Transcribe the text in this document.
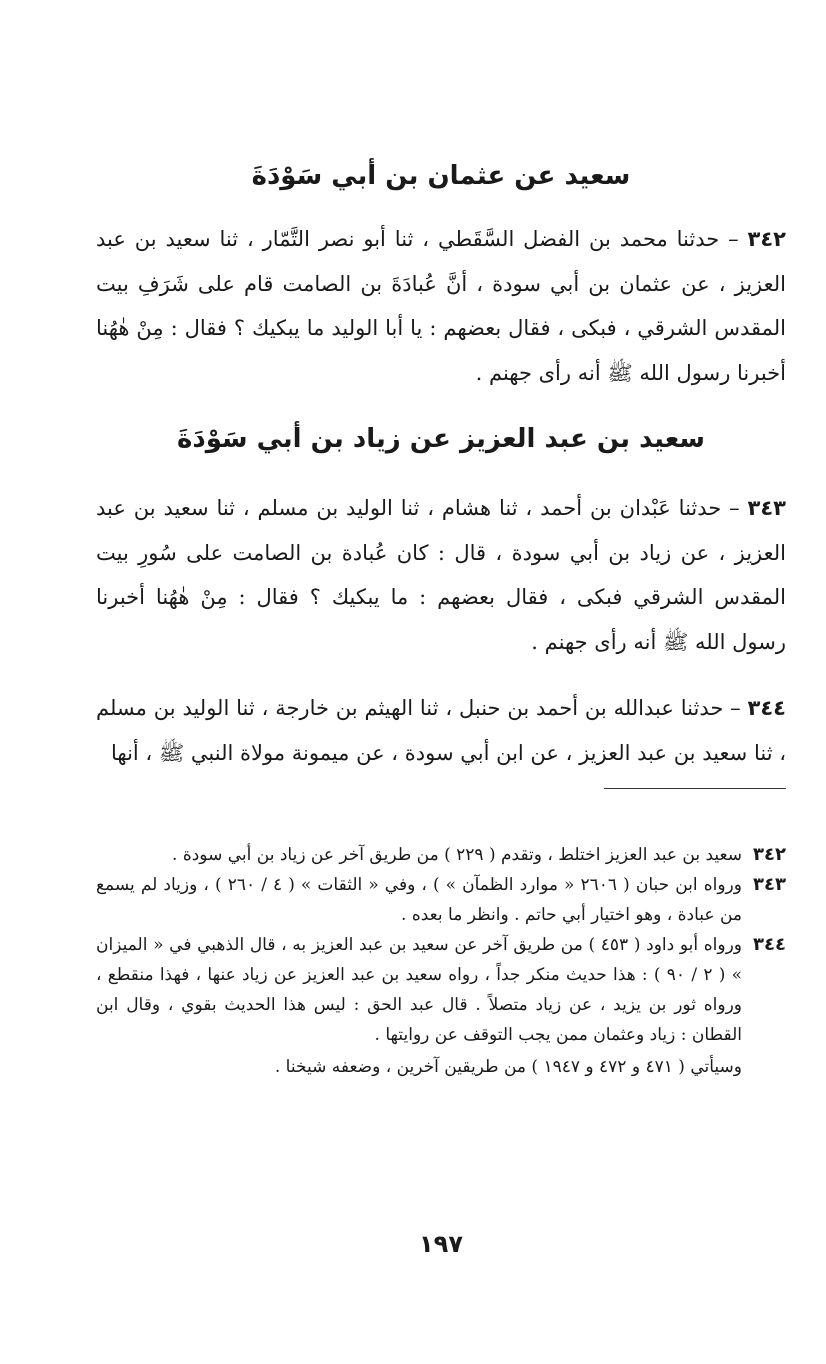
سعيد عن عثمان بن أبي سَوْدَةَ
٣٤٢ – حدثنا محمد بن الفضل السَّقَطي ، ثنا أبو نصر التَّمّار ، ثنا سعيد بن عبد العزيز ، عن عثمان بن أبي سودة ، أنَّ عُبادَةَ بن الصامت قام على شَرَفِ بيت المقدس الشرقي ، فبكى ، فقال بعضهم : يا أبا الوليد ما يبكيك ؟ فقال : مِنْ هٰهُنا أخبرنا رسول الله ﷺ أنه رأى جهنم .
سعيد بن عبد العزيز عن زياد بن أبي سَوْدَةَ
٣٤٣ – حدثنا عَبْدان بن أحمد ، ثنا هشام ، ثنا الوليد بن مسلم ، ثنا سعيد بن عبد العزيز ، عن زياد بن أبي سودة ، قال : كان عُبادة بن الصامت على سُورِ بيت المقدس الشرقي فبكى ، فقال بعضهم : ما يبكيك ؟ فقال : مِنْ هٰهُنا أخبرنا رسول الله ﷺ أنه رأى جهنم .
٣٤٤ – حدثنا عبدالله بن أحمد بن حنبل ، ثنا الهيثم بن خارجة ، ثنا الوليد بن مسلم ، ثنا سعيد بن عبد العزيز ، عن ابن أبي سودة ، عن ميمونة مولاة النبي ﷺ ، أنها
٣٤٢
سعيد بن عبد العزيز اختلط ، وتقدم ( ٢٢٩ ) من طريق آخر عن زياد بن أبي سودة .
٣٤٣
ورواه ابن حبان ( ٢٦٠٦ « موارد الظمآن » ) ، وفي « الثقات » ( ٤ / ٢٦٠ ) ، وزياد لم يسمع من عبادة ، وهو اختيار أبي حاتم . وانظر ما بعده .
٣٤٤
ورواه أبو داود ( ٤٥٣ ) من طريق آخر عن سعيد بن عبد العزيز به ، قال الذهبي في « الميزان » ( ٢ / ٩٠ ) : هذا حديث منكر جداً ، رواه سعيد بن عبد العزيز عن زياد عنها ، فهذا منقطع ، ورواه ثور بن يزيد ، عن زياد متصلاً . قال عبد الحق : ليس هذا الحديث بقوي ، وقال ابن القطان : زياد وعثمان ممن يجب التوقف عن روايتها .
وسيأتي ( ٤٧١ و ٤٧٢ و ١٩٤٧ ) من طريقين آخرين ، وضعفه شيخنا .
١٩٧
